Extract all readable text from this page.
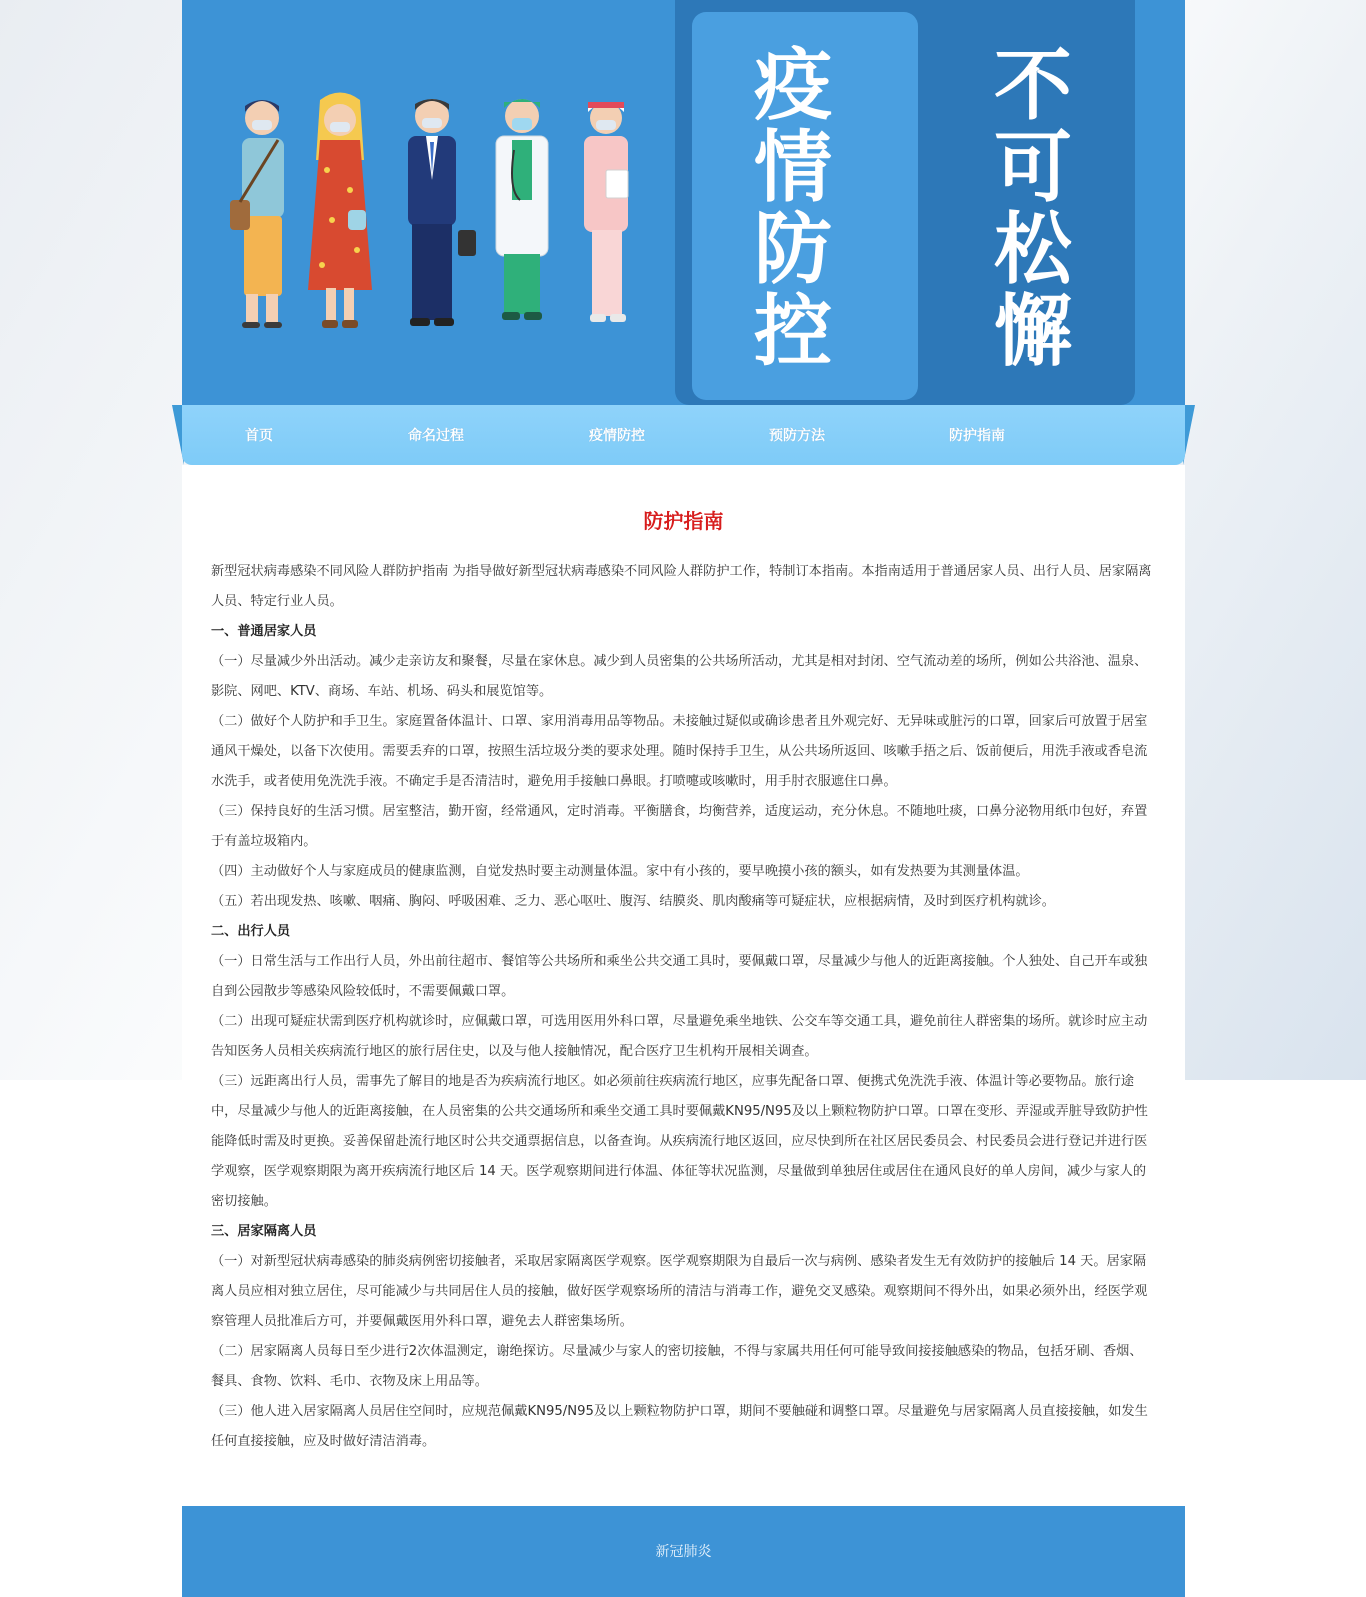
疫
情
防
控
不
可
松
懈
首页	命名过程	疫情防控	预防方法	防护指南
防护指南

新型冠状病毒感染不同风险人群防护指南 为指导做好新型冠状病毒感染不同风险人群防护工作，特制订本指南。本指南适用于普通居家人员、出行人员、居家隔离人员、特定行业人员。

一、普通居家人员

（一）尽量减少外出活动。减少走亲访友和聚餐，尽量在家休息。减少到人员密集的公共场所活动，尤其是相对封闭、空气流动差的场所，例如公共浴池、温泉、影院、网吧、KTV、商场、车站、机场、码头和展览馆等。

（二）做好个人防护和手卫生。家庭置备体温计、口罩、家用消毒用品等物品。未接触过疑似或确诊患者且外观完好、无异味或脏污的口罩，回家后可放置于居室通风干燥处，以备下次使用。需要丢弃的口罩，按照生活垃圾分类的要求处理。随时保持手卫生，从公共场所返回、咳嗽手捂之后、饭前便后，用洗手液或香皂流水洗手，或者使用免洗洗手液。不确定手是否清洁时，避免用手接触口鼻眼。打喷嚏或咳嗽时，用手肘衣服遮住口鼻。

（三）保持良好的生活习惯。居室整洁，勤开窗，经常通风，定时消毒。平衡膳食，均衡营养，适度运动，充分休息。不随地吐痰，口鼻分泌物用纸巾包好，弃置于有盖垃圾箱内。

（四）主动做好个人与家庭成员的健康监测，自觉发热时要主动测量体温。家中有小孩的，要早晚摸小孩的额头，如有发热要为其测量体温。

（五）若出现发热、咳嗽、咽痛、胸闷、呼吸困难、乏力、恶心呕吐、腹泻、结膜炎、肌肉酸痛等可疑症状，应根据病情，及时到医疗机构就诊。

二、出行人员

（一）日常生活与工作出行人员，外出前往超市、餐馆等公共场所和乘坐公共交通工具时，要佩戴口罩，尽量减少与他人的近距离接触。个人独处、自己开车或独自到公园散步等感染风险较低时，不需要佩戴口罩。

（二）出现可疑症状需到医疗机构就诊时，应佩戴口罩，可选用医用外科口罩，尽量避免乘坐地铁、公交车等交通工具，避免前往人群密集的场所。就诊时应主动告知医务人员相关疾病流行地区的旅行居住史，以及与他人接触情况，配合医疗卫生机构开展相关调查。

（三）远距离出行人员，需事先了解目的地是否为疾病流行地区。如必须前往疾病流行地区，应事先配备口罩、便携式免洗洗手液、体温计等必要物品。旅行途中，尽量减少与他人的近距离接触，在人员密集的公共交通场所和乘坐交通工具时要佩戴KN95/N95及以上颗粒物防护口罩。口罩在变形、弄湿或弄脏导致防护性能降低时需及时更换。妥善保留赴流行地区时公共交通票据信息，以备查询。从疾病流行地区返回，应尽快到所在社区居民委员会、村民委员会进行登记并进行医学观察，医学观察期限为离开疾病流行地区后 14 天。医学观察期间进行体温、体征等状况监测，尽量做到单独居住或居住在通风良好的单人房间，减少与家人的密切接触。

三、居家隔离人员

（一）对新型冠状病毒感染的肺炎病例密切接触者，采取居家隔离医学观察。医学观察期限为自最后一次与病例、感染者发生无有效防护的接触后 14 天。居家隔离人员应相对独立居住，尽可能减少与共同居住人员的接触，做好医学观察场所的清洁与消毒工作，避免交叉感染。观察期间不得外出，如果必须外出，经医学观察管理人员批准后方可，并要佩戴医用外科口罩，避免去人群密集场所。

（二）居家隔离人员每日至少进行2次体温测定，谢绝探访。尽量减少与家人的密切接触，不得与家属共用任何可能导致间接接触感染的物品，包括牙刷、香烟、餐具、食物、饮料、毛巾、衣物及床上用品等。

（三）他人进入居家隔离人员居住空间时，应规范佩戴KN95/N95及以上颗粒物防护口罩，期间不要触碰和调整口罩。尽量避免与居家隔离人员直接接触，如发生任何直接接触，应及时做好清洁消毒。

新冠肺炎
